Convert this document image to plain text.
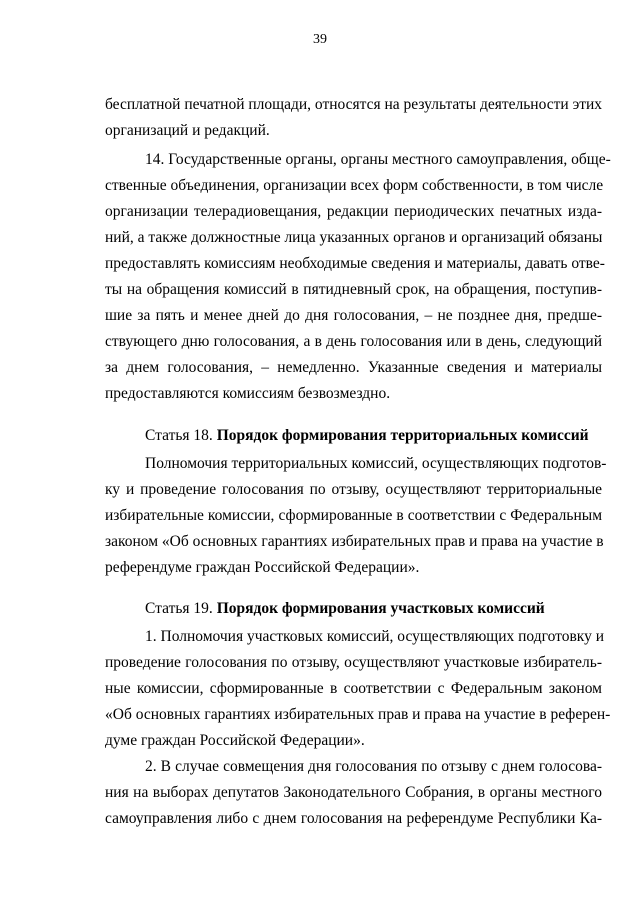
39
бесплатной печатной площади, относятся на результаты деятельности этих
организаций и редакций.
14. Государственные органы, органы местного самоуправления, обще-
ственные объединения, организации всех форм собственности, в том числе
организации телерадиовещания, редакции периодических печатных изда-
ний, а также должностные лица указанных органов и организаций обязаны
предоставлять комиссиям необходимые сведения и материалы, давать отве-
ты на обращения комиссий в пятидневный срок, на обращения, поступив-
шие за пять и менее дней до дня голосования, – не позднее дня, предше-
ствующего дню голосования, а в день голосования или в день, следующий
за днем голосования, – немедленно. Указанные сведения и материалы
предоставляются комиссиям безвозмездно.
Статья 18. Порядок формирования территориальных комиссий
Полномочия территориальных комиссий, осуществляющих подготов-
ку и проведение голосования по отзыву, осуществляют территориальные
избирательные комиссии, сформированные в соответствии с Федеральным
законом «Об основных гарантиях избирательных прав и права на участие в
референдуме граждан Российской Федерации».
Статья 19. Порядок формирования участковых комиссий
1. Полномочия участковых комиссий, осуществляющих подготовку и
проведение голосования по отзыву, осуществляют участковые избиратель-
ные комиссии, сформированные в соответствии с Федеральным законом
«Об основных гарантиях избирательных прав и права на участие в референ-
думе граждан Российской Федерации».
2. В случае совмещения дня голосования по отзыву с днем голосова-
ния на выборах депутатов Законодательного Собрания, в органы местного
самоуправления либо с днем голосования на референдуме Республики Ка-
